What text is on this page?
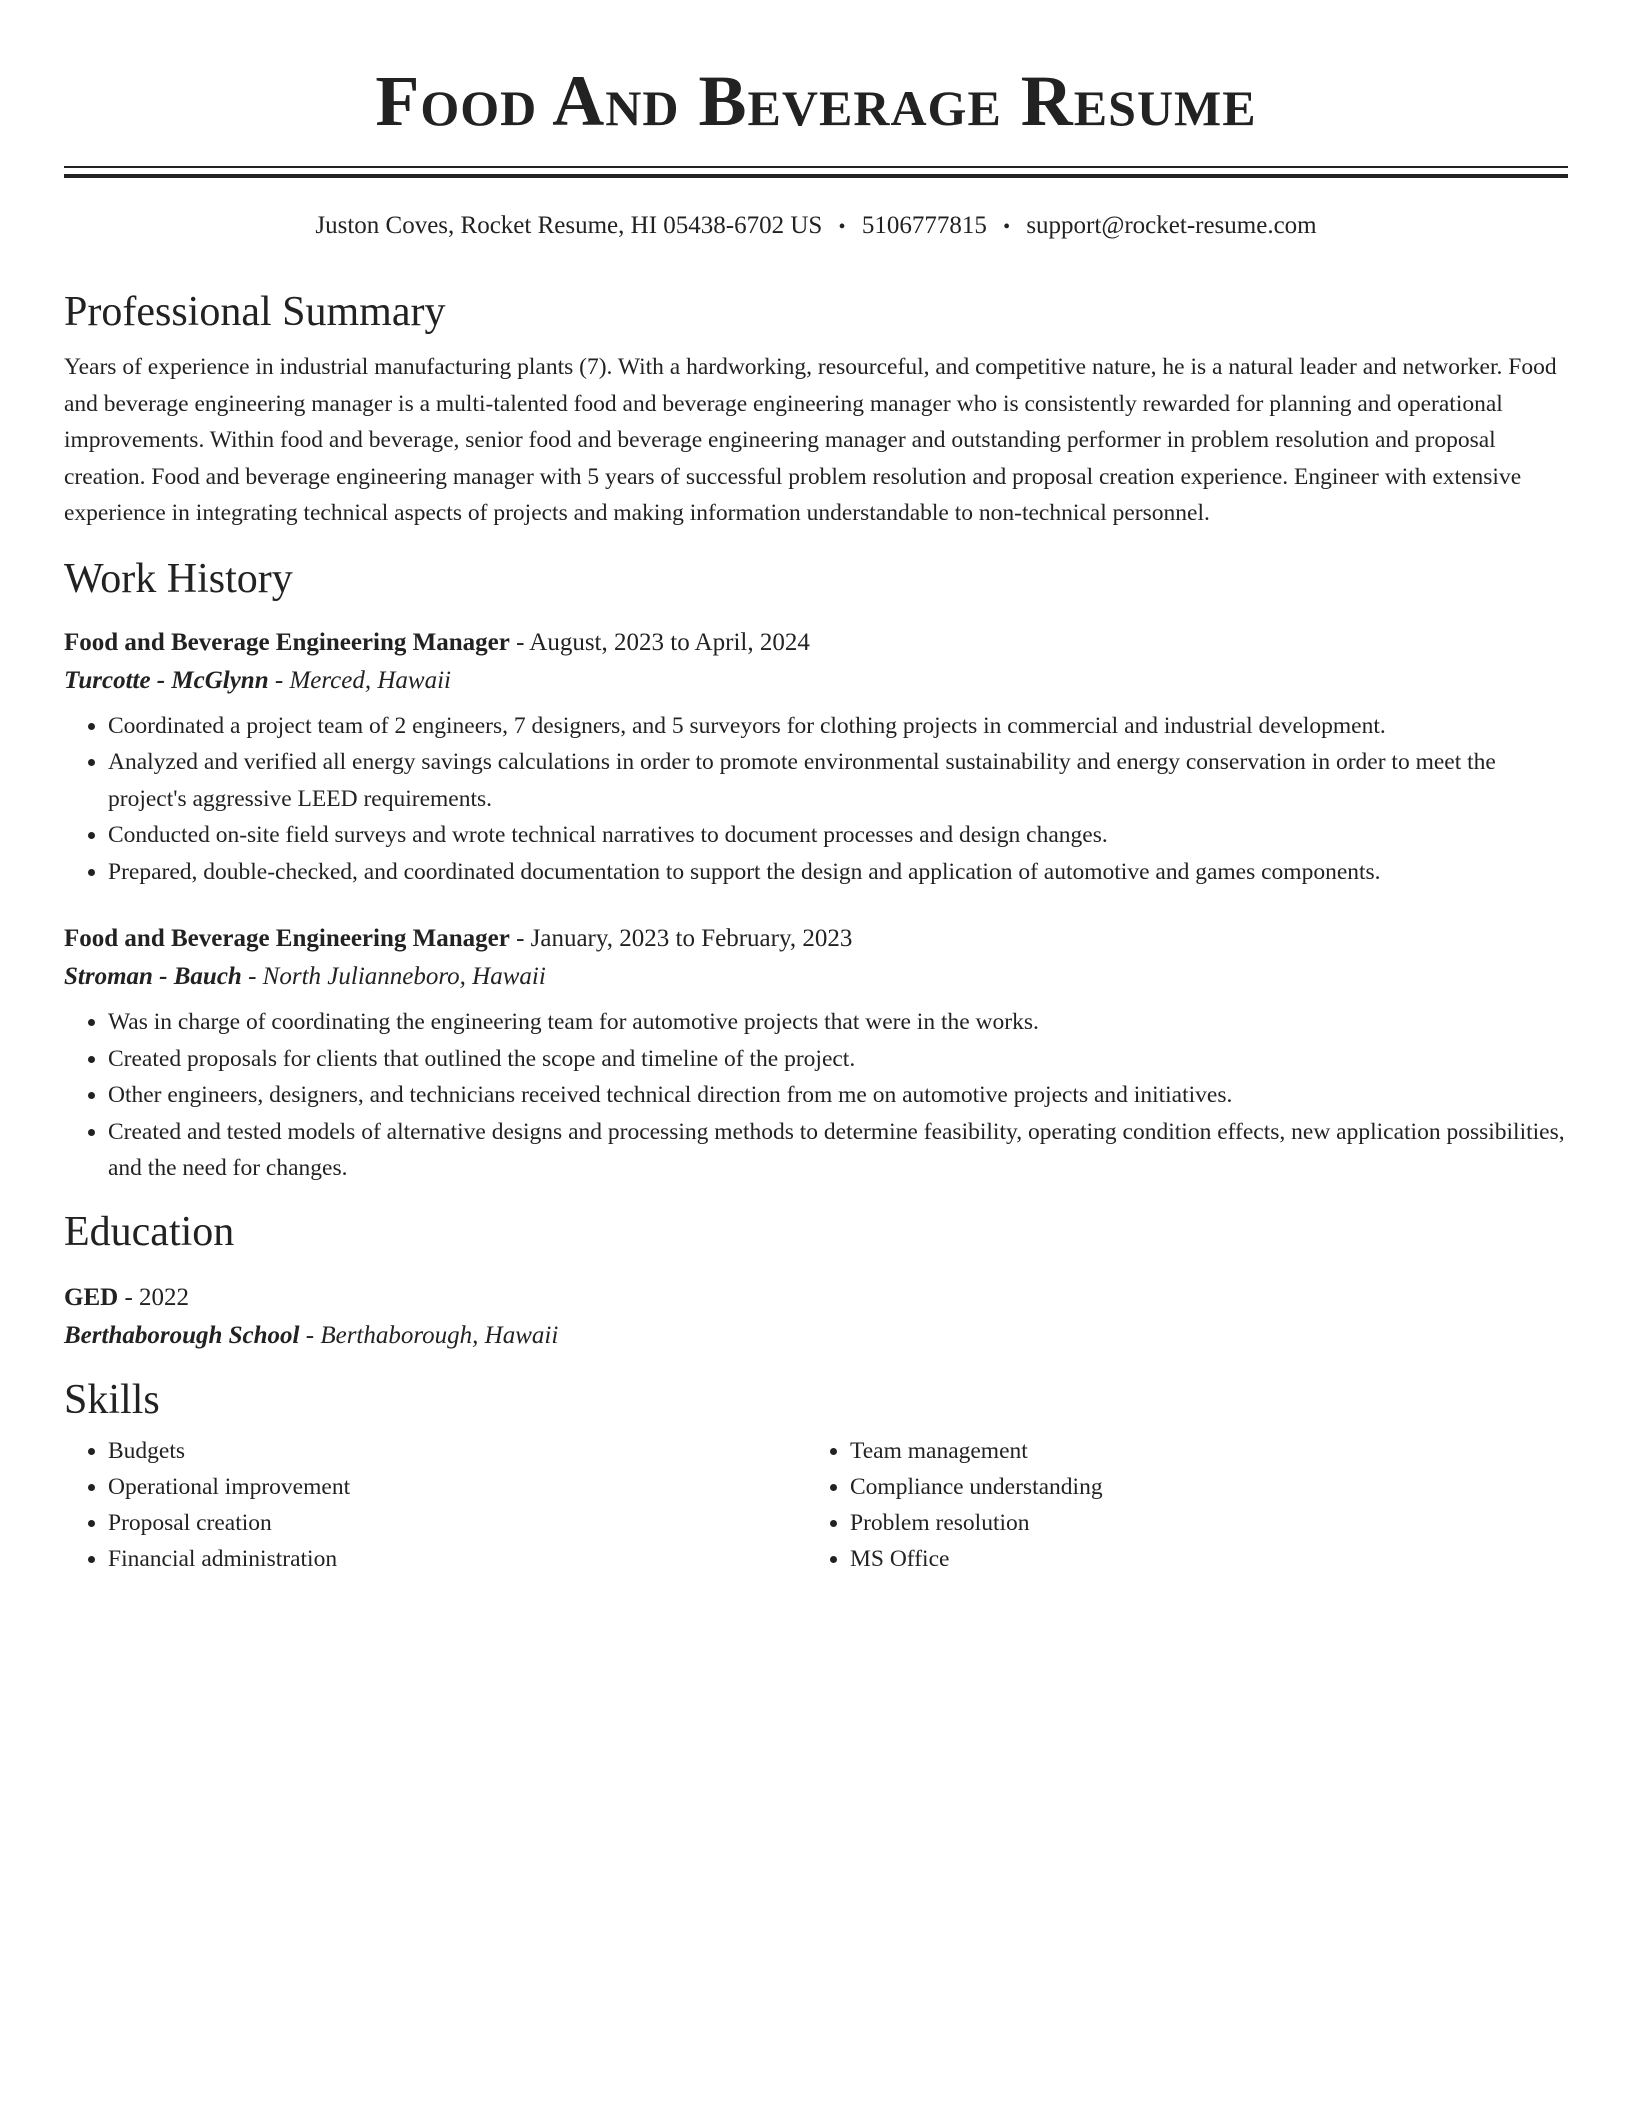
Food And Beverage Resume
Juston Coves, Rocket Resume, HI 05438-6702 US • 5106777815 • support@rocket-resume.com
Professional Summary

Years of experience in industrial manufacturing plants (7). With a hardworking, resourceful, and competitive nature, he is a natural leader and networker. Food and beverage engineering manager is a multi-talented food and beverage engineering manager who is consistently rewarded for planning and operational improvements. Within food and beverage, senior food and beverage engineering manager and outstanding performer in problem resolution and proposal creation. Food and beverage engineering manager with 5 years of successful problem resolution and proposal creation experience. Engineer with extensive experience in integrating technical aspects of projects and making information understandable to non-technical personnel.

Work History
Food and Beverage Engineering Manager - August, 2023 to April, 2024
Turcotte - McGlynn - Merced, Hawaii
• Coordinated a project team of 2 engineers, 7 designers, and 5 surveyors for clothing projects in commercial and industrial development.
• Analyzed and verified all energy savings calculations in order to promote environmental sustainability and energy conservation in order to meet the project's aggressive LEED requirements.
• Conducted on-site field surveys and wrote technical narratives to document processes and design changes.
• Prepared, double-checked, and coordinated documentation to support the design and application of automotive and games components.
Food and Beverage Engineering Manager - January, 2023 to February, 2023
Stroman - Bauch - North Julianneboro, Hawaii
• Was in charge of coordinating the engineering team for automotive projects that were in the works.
• Created proposals for clients that outlined the scope and timeline of the project.
• Other engineers, designers, and technicians received technical direction from me on automotive projects and initiatives.
• Created and tested models of alternative designs and processing methods to determine feasibility, operating condition effects, new application possibilities, and the need for changes.
Education
GED - 2022
Berthaborough School - Berthaborough, Hawaii
Skills
• Budgets
• Operational improvement
• Proposal creation
• Financial administration
• Team management
• Compliance understanding
• Problem resolution
• MS Office
